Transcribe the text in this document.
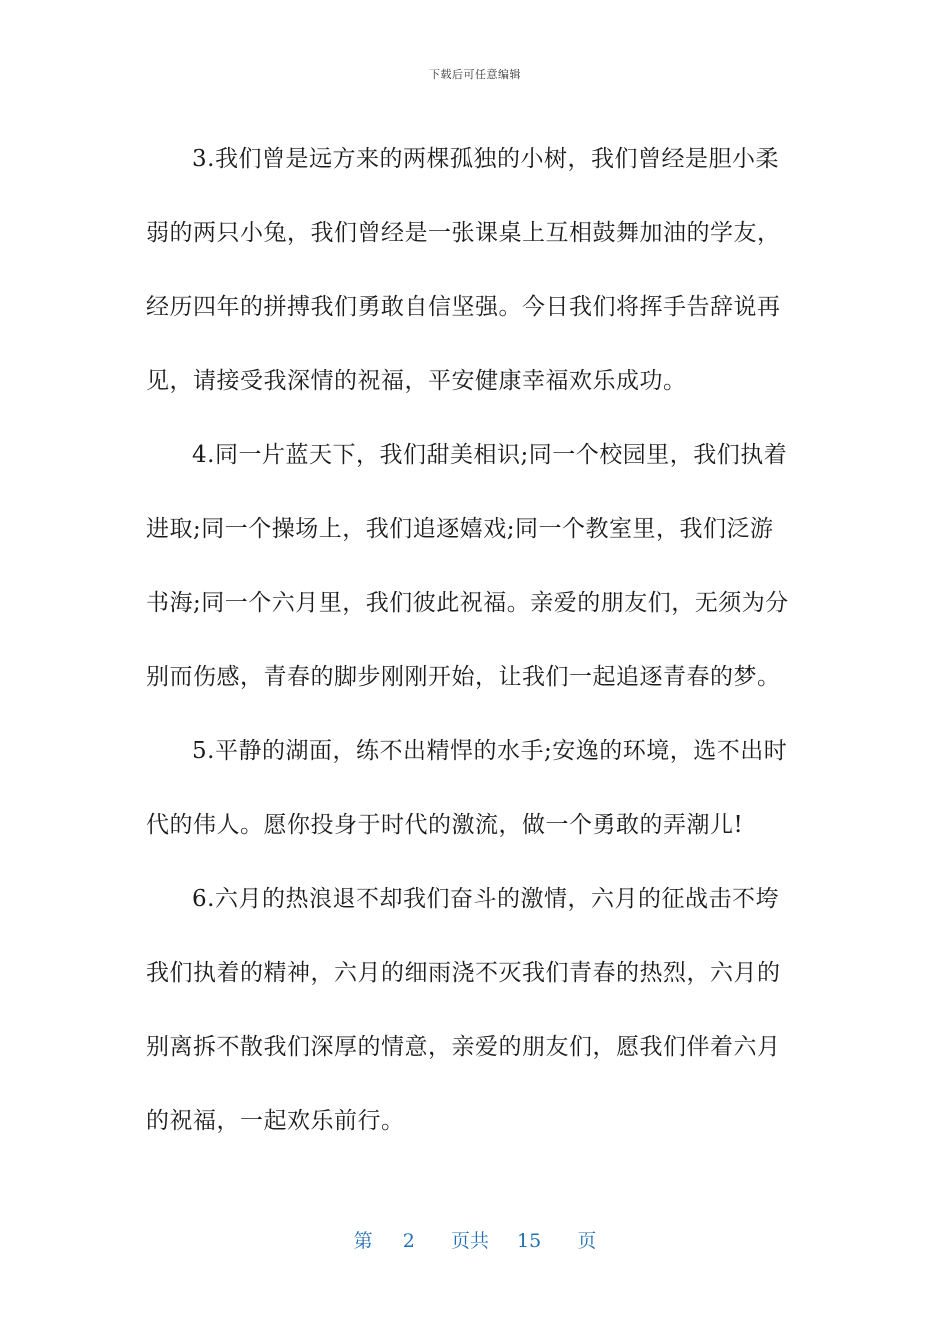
下载后可任意编辑
3.我们曾是远方来的两棵孤独的小树，我们曾经是胆小柔
弱的两只小兔，我们曾经是一张课桌上互相鼓舞加油的学友，
经历四年的拼搏我们勇敢自信坚强。今日我们将挥手告辞说再
见，请接受我深情的祝福，平安健康幸福欢乐成功。
4.同一片蓝天下，我们甜美相识;同一个校园里，我们执着
进取;同一个操场上，我们追逐嬉戏;同一个教室里，我们泛游
书海;同一个六月里，我们彼此祝福。亲爱的朋友们，无须为分
别而伤感，青春的脚步刚刚开始，让我们一起追逐青春的梦。
5.平静的湖面，练不出精悍的水手;安逸的环境，选不出时
代的伟人。愿你投身于时代的激流，做一个勇敢的弄潮儿!
6.六月的热浪退不却我们奋斗的激情，六月的征战击不垮
我们执着的精神，六月的细雨浇不灭我们青春的热烈，六月的
别离拆不散我们深厚的情意，亲爱的朋友们，愿我们伴着六月
的祝福，一起欢乐前行。
第 2 页共 15 页
